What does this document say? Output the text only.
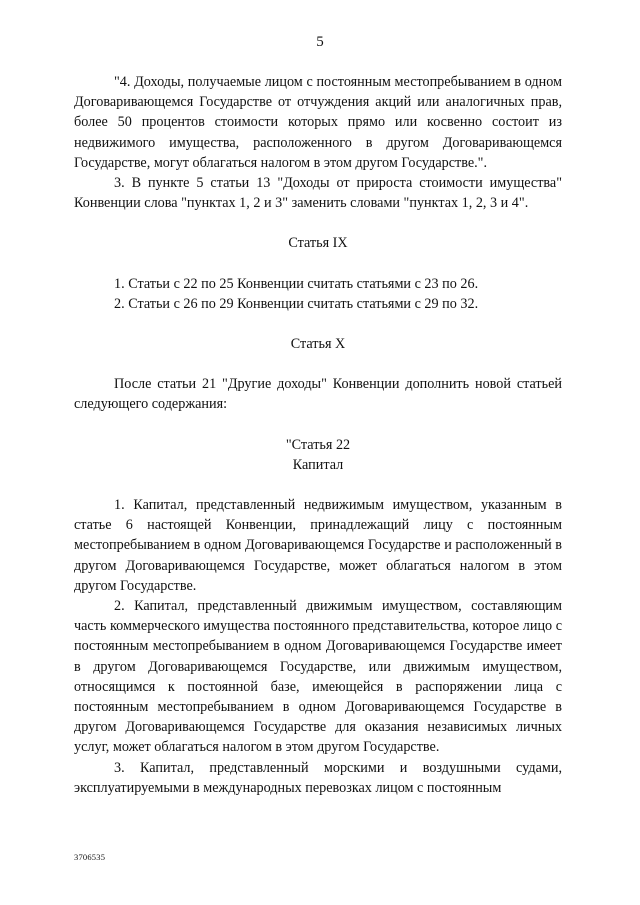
5

"4. Доходы, получаемые лицом с постоянным местопребыванием в одном Договаривающемся Государстве от отчуждения акций или аналогичных прав, более 50 процентов стоимости которых прямо или косвенно состоит из недвижимого имущества, расположенного в другом Договаривающемся Государстве, могут облагаться налогом в этом другом Государстве.".

3. В пункте 5 статьи 13 "Доходы от прироста стоимости имущества" Конвенции слова "пунктах 1, 2 и 3" заменить словами "пунктах 1, 2, 3 и 4".

Статья IX

1. Статьи с 22 по 25 Конвенции считать статьями с 23 по 26.

2. Статьи с 26 по 29 Конвенции считать статьями с 29 по 32.

Статья X

После статьи 21 "Другие доходы" Конвенции дополнить новой статьей следующего содержания:

"Статья 22

Капитал

1. Капитал, представленный недвижимым имуществом, указанным в статье 6 настоящей Конвенции, принадлежащий лицу с постоянным местопребыванием в одном Договаривающемся Государстве и расположенный в другом Договаривающемся Государстве, может облагаться налогом в этом другом Государстве.

2. Капитал, представленный движимым имуществом, составляющим часть коммерческого имущества постоянного представительства, которое лицо с постоянным местопребыванием в одном Договаривающемся Государстве имеет в другом Договаривающемся Государстве, или движимым имуществом, относящимся к постоянной базе, имеющейся в распоряжении лица с постоянным местопребыванием в одном Договаривающемся Государстве в другом Договаривающемся Государстве для оказания независимых личных услуг, может облагаться налогом в этом другом Государстве.

3. Капитал, представленный морскими и воздушными судами, эксплуатируемыми в международных перевозках лицом с постоянным

3706535
